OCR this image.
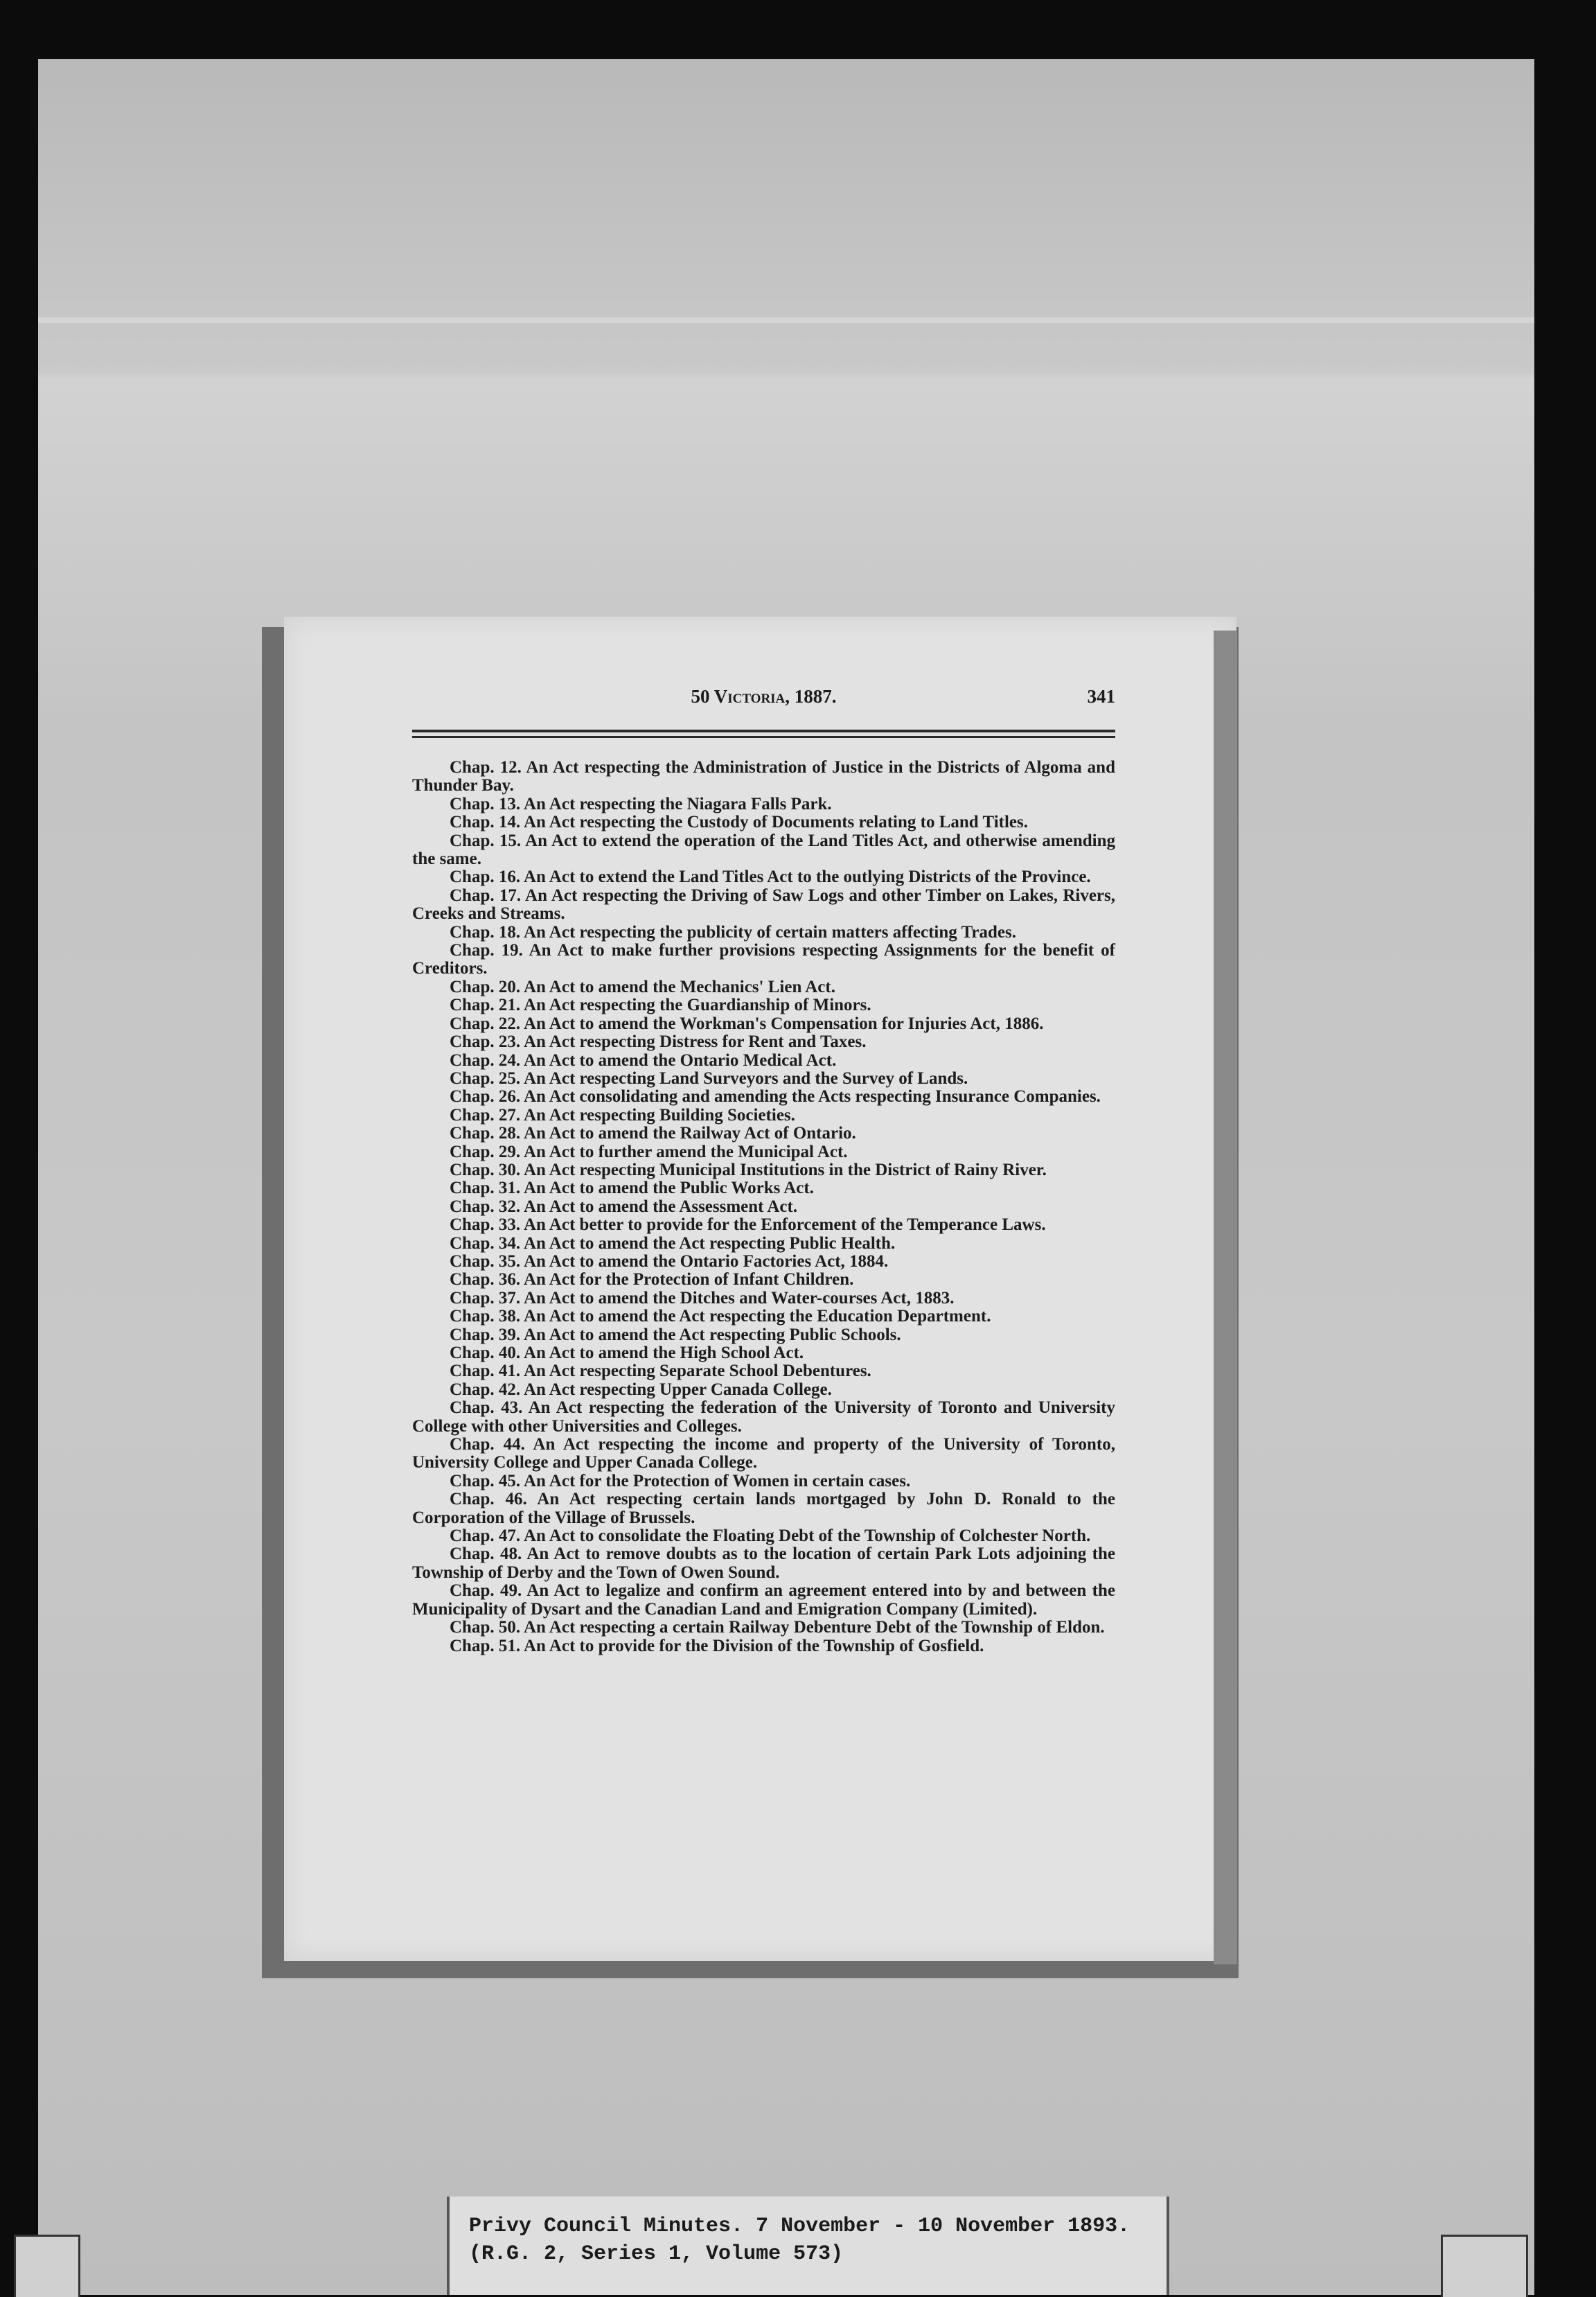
50 Victoria, 1887.	341

Chap. 12. An Act respecting the Administration of Justice in the Districts of Algoma and Thunder Bay.

Chap. 13. An Act respecting the Niagara Falls Park.

Chap. 14. An Act respecting the Custody of Documents relating to Land Titles.

Chap. 15. An Act to extend the operation of the Land Titles Act, and otherwise amending the same.

Chap. 16. An Act to extend the Land Titles Act to the outlying Districts of the Province.

Chap. 17. An Act respecting the Driving of Saw Logs and other Timber on Lakes, Rivers, Creeks and Streams.

Chap. 18. An Act respecting the publicity of certain matters affecting Trades.

Chap. 19. An Act to make further provisions respecting Assignments for the benefit of Creditors.

Chap. 20. An Act to amend the Mechanics' Lien Act.

Chap. 21. An Act respecting the Guardianship of Minors.

Chap. 22. An Act to amend the Workman's Compensation for Injuries Act, 1886.

Chap. 23. An Act respecting Distress for Rent and Taxes.

Chap. 24. An Act to amend the Ontario Medical Act.

Chap. 25. An Act respecting Land Surveyors and the Survey of Lands.

Chap. 26. An Act consolidating and amending the Acts respecting Insurance Companies.

Chap. 27. An Act respecting Building Societies.

Chap. 28. An Act to amend the Railway Act of Ontario.

Chap. 29. An Act to further amend the Municipal Act.

Chap. 30. An Act respecting Municipal Institutions in the District of Rainy River.

Chap. 31. An Act to amend the Public Works Act.

Chap. 32. An Act to amend the Assessment Act.

Chap. 33. An Act better to provide for the Enforcement of the Temperance Laws.

Chap. 34. An Act to amend the Act respecting Public Health.

Chap. 35. An Act to amend the Ontario Factories Act, 1884.

Chap. 36. An Act for the Protection of Infant Children.

Chap. 37. An Act to amend the Ditches and Water-courses Act, 1883.

Chap. 38. An Act to amend the Act respecting the Education Department.

Chap. 39. An Act to amend the Act respecting Public Schools.

Chap. 40. An Act to amend the High School Act.

Chap. 41. An Act respecting Separate School Debentures.

Chap. 42. An Act respecting Upper Canada College.

Chap. 43. An Act respecting the federation of the University of Toronto and University College with other Universities and Colleges.

Chap. 44. An Act respecting the income and property of the University of Toronto, University College and Upper Canada College.

Chap. 45. An Act for the Protection of Women in certain cases.

Chap. 46. An Act respecting certain lands mortgaged by John D. Ronald to the Corporation of the Village of Brussels.

Chap. 47. An Act to consolidate the Floating Debt of the Township of Colchester North.

Chap. 48. An Act to remove doubts as to the location of certain Park Lots adjoining the Township of Derby and the Town of Owen Sound.

Chap. 49. An Act to legalize and confirm an agreement entered into by and between the Municipality of Dysart and the Canadian Land and Emigration Company (Limited).

Chap. 50. An Act respecting a certain Railway Debenture Debt of the Township of Eldon.

Chap. 51. An Act to provide for the Division of the Township of Gosfield.

Privy Council Minutes. 7 November - 10 November 1893.
(R.G. 2, Series 1, Volume 573)
